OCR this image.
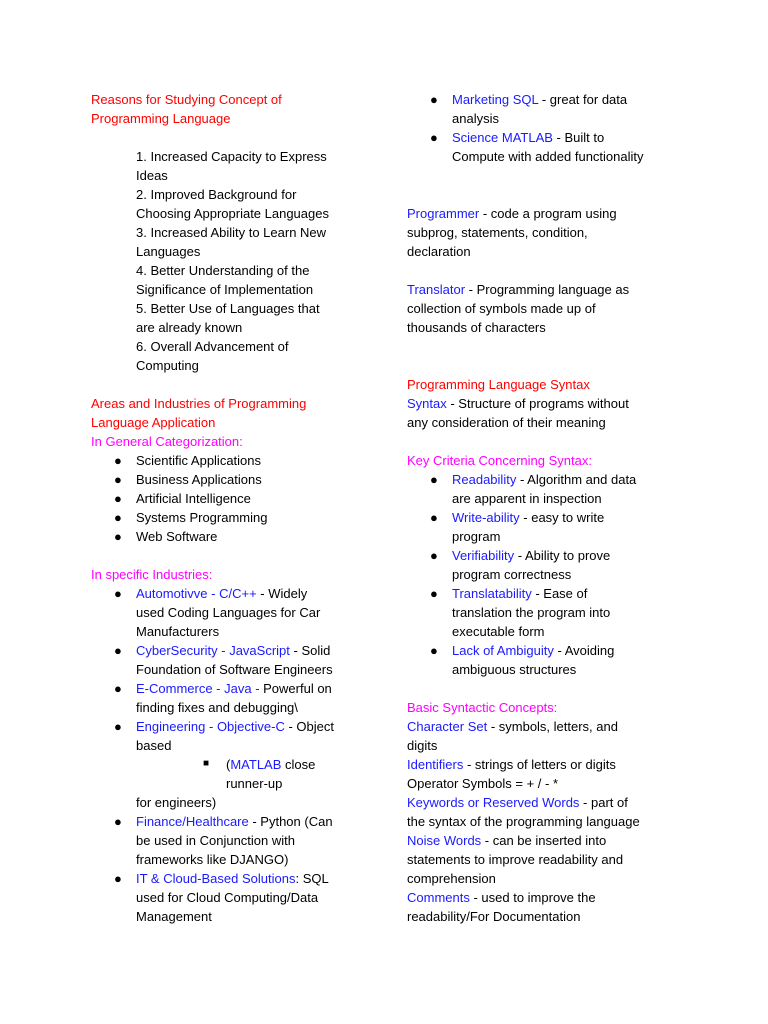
Reasons for Studying Concept of

Programming Language

1. Increased Capacity to Express

Ideas

2. Improved Background for

Choosing Appropriate Languages

3. Increased Ability to Learn New

Languages

4. Better Understanding of the

Significance of Implementation

5. Better Use of Languages that

are already known

6. Overall Advancement of

Computing

Areas and Industries of Programming

Language Application

In General Categorization:

● Scientific Applications

● Business Applications

● Artificial Intelligence

● Systems Programming

● Web Software

In specific Industries:

● Automotivve - C/C++ - Widely

used Coding Languages for Car

Manufacturers

● CyberSecurity - JavaScript - Solid

Foundation of Software Engineers

● E-Commerce - Java - Powerful on

finding fixes and debugging\

● Engineering - Objective-C - Object

based

■ (MATLAB close

runner-up

for engineers)

● Finance/Healthcare - Python (Can

be used in Conjunction with

frameworks like DJANGO)

● IT & Cloud-Based Solutions: SQL

used for Cloud Computing/Data

Management

● Marketing SQL - great for data

analysis

● Science MATLAB - Built to

Compute with added functionality

Programmer - code a program using

subprog, statements, condition,

declaration

Translator - Programming language as

collection of symbols made up of

thousands of characters

Programming Language Syntax

Syntax - Structure of programs without

any consideration of their meaning

Key Criteria Concerning Syntax:

● Readability - Algorithm and data

are apparent in inspection

● Write-ability - easy to write

program

● Verifiability - Ability to prove

program correctness

● Translatability - Ease of

translation the program into

executable form

● Lack of Ambiguity - Avoiding

ambiguous structures

Basic Syntactic Concepts:

Character Set - symbols, letters, and

digits

Identifiers - strings of letters or digits

Operator Symbols = + / - *

Keywords or Reserved Words - part of

the syntax of the programming language

Noise Words - can be inserted into

statements to improve readability and

comprehension

Comments - used to improve the

readability/For Documentation
